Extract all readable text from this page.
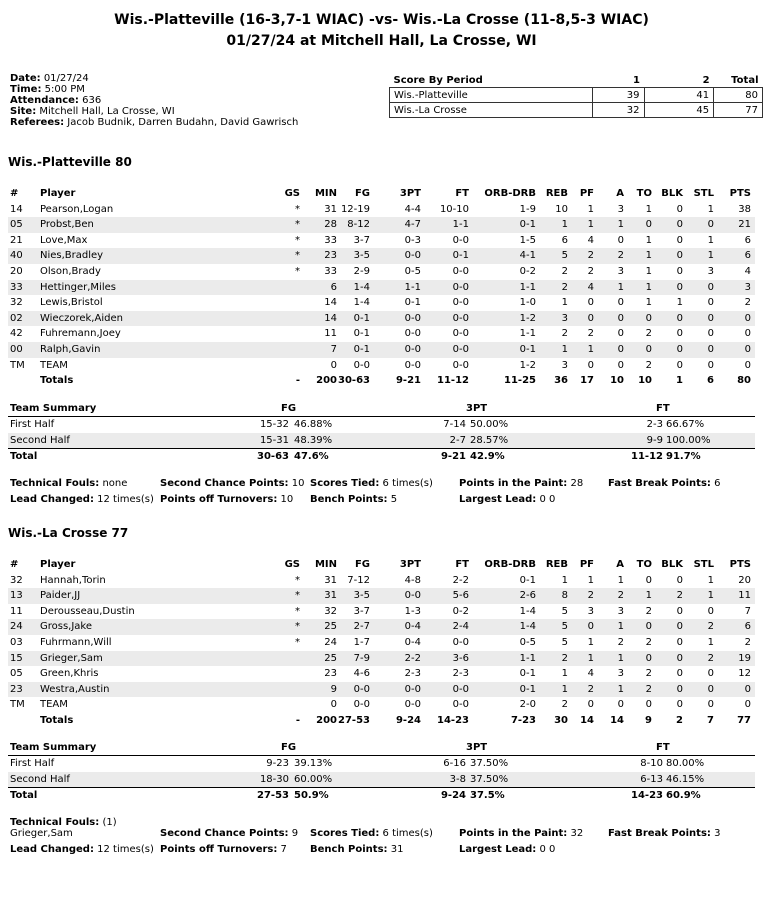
Wis.-Platteville (16-3,7-1 WIAC) -vs- Wis.-La Crosse (11-8,5-3 WIAC)
01/27/24 at Mitchell Hall, La Crosse, WI
Date: 01/27/24
Time: 5:00 PM
Attendance: 636
Site: Mitchell Hall, La Crosse, WI
Referees: Jacob Budnik, Darren Budahn, David Gawrisch
Score By Period	1	2	Total
Wis.-Platteville	39	41	80
Wis.-La Crosse	32	45	77
Wis.-Platteville 80
# Player	GS MIN FG	3PT	FT ORB-DRB REB PF A TO BLK STL PTS
14 Pearson,Logan	* 31 12-19	4-4 10-10	1-9 10 1 3 1 0 1 38
05 Probst,Ben	* 28 8-12	4-7	1-1	0-1	1 1 1 0 0 0 21
21 Love,Max	* 33 3-7	0-3	0-0	1-5	6 4 0 1 0 1	6
40 Nies,Bradley	* 23 3-5	0-0	0-1	4-1	5 2 2 1 0 1	6
20 Olson,Brady	* 33 2-9	0-5	0-0	0-2	2 2 3 1 0 3	4
33 Hettinger,Miles	6 1-4	1-1	0-0	1-1	2 4 1 1 0 0	3
32 Lewis,Bristol	14 1-4	0-1	0-0	1-0	1 0 0 1 1 0	2
02 Wieczorek,Aiden	14 0-1	0-0	0-0	1-2	3 0 0 0 0 0	0
42 Fuhremann,Joey	11 0-1	0-0	0-0	1-1	2 2 0 2 0 0	0
00 Ralph,Gavin	7 0-1	0-0	0-0	0-1	1 1 0 0 0 0	0
TM TEAM	0 0-0	0-0	0-0	1-2	3 0 0 2 0 0	0
Totals	- 200 30-63	9-21 11-12	11-25 36 17 10 10 1 6 80
Team Summary	FG	3PT	FT
First Half	15-32 46.88%	7-14 50.00%	2-3 66.67%
Second Half	15-31 48.39%	2-7 28.57%	9-9 100.00%
Total	30-63 47.6%	9-21 42.9%	11-12 91.7%
Technical Fouls: none	Second Chance Points: 10 Scores Tied: 6 times(s)	Points in the Paint: 28 Fast Break Points: 6
Lead Changed: 12 times(s) Points off Turnovers: 10 Bench Points: 5	Largest Lead: 0 0
Wis.-La Crosse 77
# Player	GS MIN FG	3PT	FT ORB-DRB REB PF A TO BLK STL PTS
32 Hannah,Torin	* 31 7-12	4-8	2-2	0-1	1 1 1 0 0 1 20
13 Paider,JJ	* 31 3-5	0-0	5-6	2-6	8 2 2 1 2 1 11
11 Derousseau,Dustin	* 32 3-7	1-3	0-2	1-4	5 3 3 2 0 0	7
24 Gross,Jake	* 25 2-7	0-4	2-4	1-4	5 0 1 0 0 2	6
03 Fuhrmann,Will	* 24 1-7	0-4	0-0	0-5	5 1 2 2 0 1	2
15 Grieger,Sam	25 7-9	2-2	3-6	1-1	2 1 1 0 0 2 19
05 Green,Khris	23 4-6	2-3	2-3	0-1	1 4 3 2 0 0 12
23 Westra,Austin	9 0-0	0-0	0-0	0-1	1 2 1 2 0 0	0
TM TEAM	0 0-0	0-0	0-0	2-0	2 0 0 0 0 0	0
Totals	- 200 27-53	9-24 14-23	7-23 30 14 14 9 2 7 77
Team Summary	FG	3PT	FT
First Half	9-23 39.13%	6-16 37.50%	8-10 80.00%
Second Half	18-30 60.00%	3-8 37.50%	6-13 46.15%
Total	27-53 50.9%	9-24 37.5%	14-23 60.9%
Technical Fouls: (1)
Second Chance Points: 9 Scores Tied: 6 times(s)	Points in the Paint: 32 Fast Break Points: 3
Lead Changed: 12 times(s) Points off Turnovers: 7 Bench Points: 31	Largest Lead: 0 0
Grieger,Sam
